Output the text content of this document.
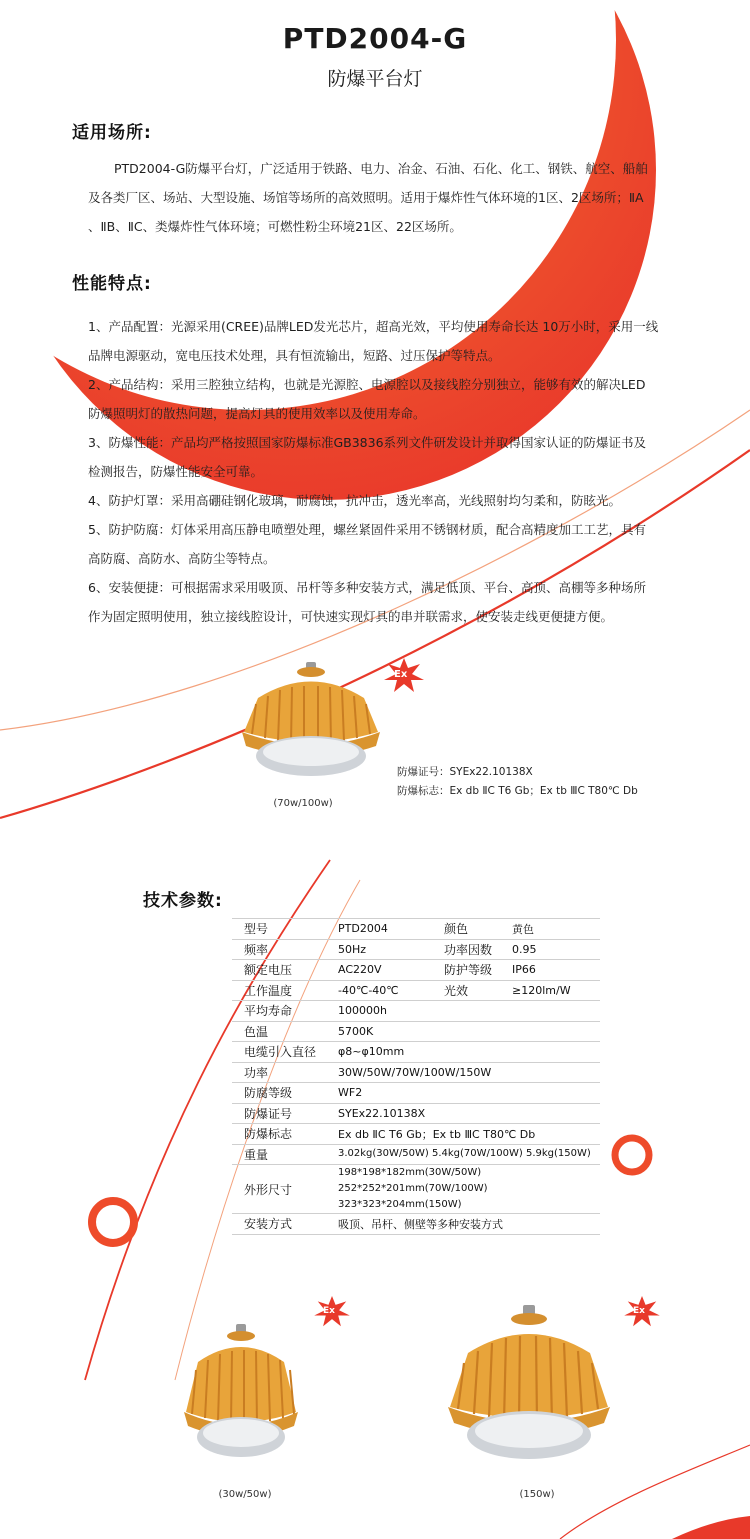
PTD2004-G
防爆平台灯
适用场所:
PTD2004-G防爆平台灯，广泛适用于铁路、电力、冶金、石油、石化、化工、钢铁、航空、船舶
及各类厂区、场站、大型设施、场馆等场所的高效照明。适用于爆炸性气体环境的1区、2区场所；ⅡA
、ⅡB、ⅡC、类爆炸性气体环境；可燃性粉尘环境21区、22区场所。
性能特点:
1、产品配置：光源采用(CREE)品牌LED发光芯片，超高光效，平均使用寿命长达 10万小时，采用一线
品牌电源驱动，宽电压技术处理，具有恒流输出，短路、过压保护等特点。
2、产品结构：采用三腔独立结构，也就是光源腔、电源腔以及接线腔分别独立，能够有效的解决LED
防爆照明灯的散热问题，提高灯具的使用效率以及使用寿命。
3、防爆性能：产品均严格按照国家防爆标准GB3836系列文件研发设计并取得国家认证的防爆证书及
检测报告，防爆性能安全可靠。
4、防护灯罩：采用高硼硅钢化玻璃，耐腐蚀，抗冲击，透光率高，光线照射均匀柔和，防眩光。
5、防护防腐：灯体采用高压静电喷塑处理，螺丝紧固件采用不锈钢材质，配合高精度加工工艺，具有
高防腐、高防水、高防尘等特点。
6、安装便捷：可根据需求采用吸顶、吊杆等多种安装方式，满足低顶、平台、高顶、高棚等多种场所
作为固定照明使用，独立接线腔设计，可快速实现灯具的串并联需求，使安装走线更便捷方便。
Ex
(70w/100w)
防爆证号：SYEx22.10138X
防爆标志：Ex db ⅡC T6 Gb；Ex tb ⅢC T80℃ Db
技术参数:
型号	PTD2004	颜色	黄色
频率	50Hz	功率因数	0.95
额定电压	AC220V	防护等级	IP66
工作温度	-40℃-40℃	光效	≥120lm/W
平均寿命	100000h		
色温	5700K		
电缆引入直径	φ8~φ10mm		
功率	30W/50W/70W/100W/150W		
防腐等级	WF2		
防爆证号	SYEx22.10138X		
防爆标志	Ex db ⅡC T6 Gb；Ex tb ⅢC T80℃ Db		
重量	3.02kg(30W/50W) 5.4kg(70W/100W) 5.9kg(150W)		
外形尺寸	198*198*182mm(30W/50W) 252*252*201mm(70W/100W)
323*323*204mm(150W)		

安装方式	吸顶、吊杆、侧壁等多种安装方式		
Ex
(30w/50w)
Ex
(150w)
